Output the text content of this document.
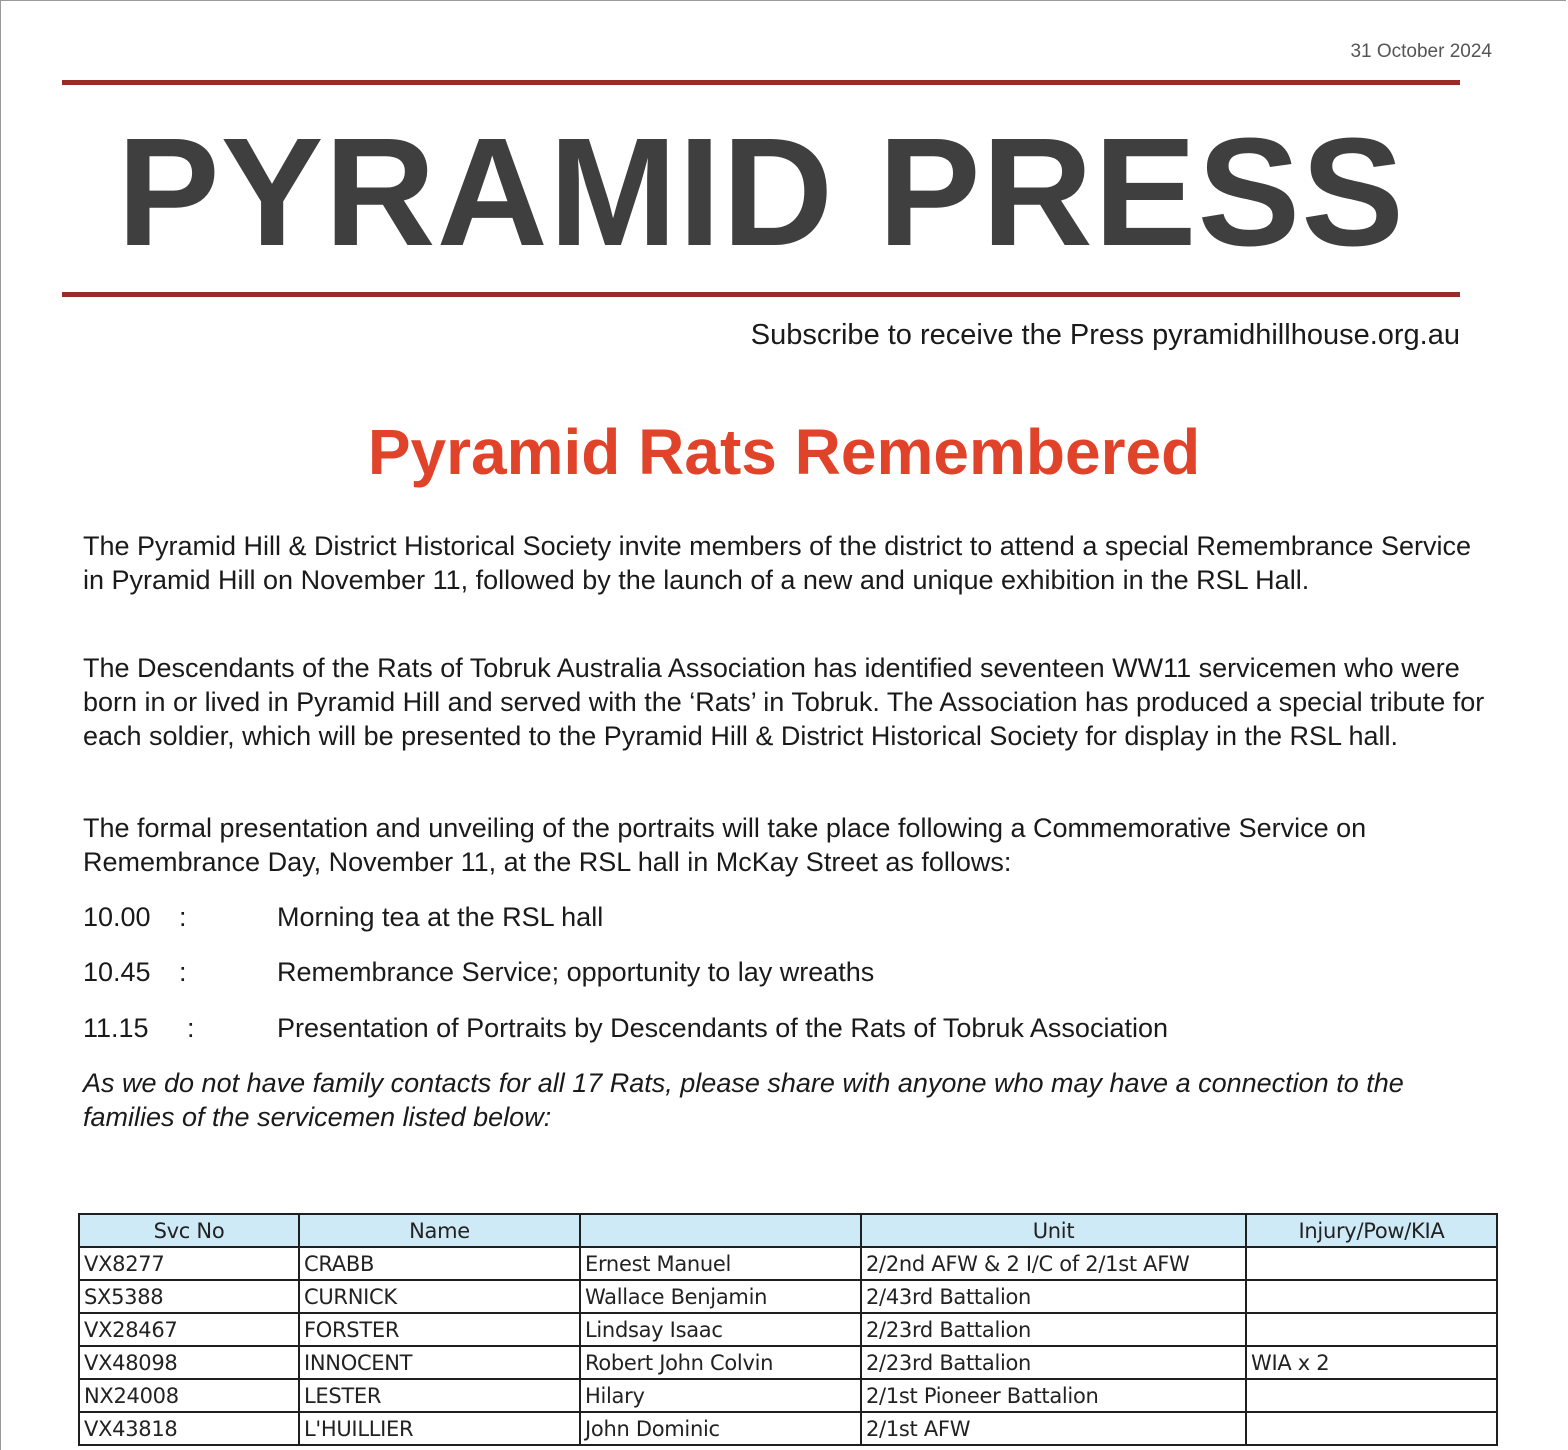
31 October 2024
PYRAMID PRESS
Subscribe to receive the Press pyramidhillhouse.org.au
Pyramid Rats Remembered

The Pyramid Hill & District Historical Society invite members of the district to attend a special Remembrance Service in Pyramid Hill on November 11, followed by the launch of a new and unique exhibition in the RSL Hall.

The Descendants of the Rats of Tobruk Australia Association has identified seventeen WW11 servicemen who were born in or lived in Pyramid Hill and served with the ‘Rats’ in Tobruk. The Association has produced a special tribute for each soldier, which will be presented to the Pyramid Hill & District Historical Society for display in the RSL hall.

The formal presentation and unveiling of the portraits will take place following a Commemorative Service on Remembrance Day, November 11, at the RSL hall in McKay Street as follows:

10.00 :	Morning tea at the RSL hall
10.45 :	Remembrance Service; opportunity to lay wreaths
11.15 :	Presentation of Portraits by Descendants of the Rats of Tobruk Association
As we do not have family contacts for all 17 Rats, please share with anyone who may have a connection to the families of the servicemen listed below:
Svc No	Name		Unit	Injury/Pow/KIA
VX8277	CRABB	Ernest Manuel	2/2nd AFW & 2 I/C of 2/1st AFW	
SX5388	CURNICK	Wallace Benjamin	2/43rd Battalion	
VX28467	FORSTER	Lindsay Isaac	2/23rd Battalion	
VX48098	INNOCENT	Robert John Colvin	2/23rd Battalion	WIA x 2
NX24008	LESTER	Hilary	2/1st Pioneer Battalion	
VX43818	L'HUILLIER	John Dominic	2/1st AFW	
